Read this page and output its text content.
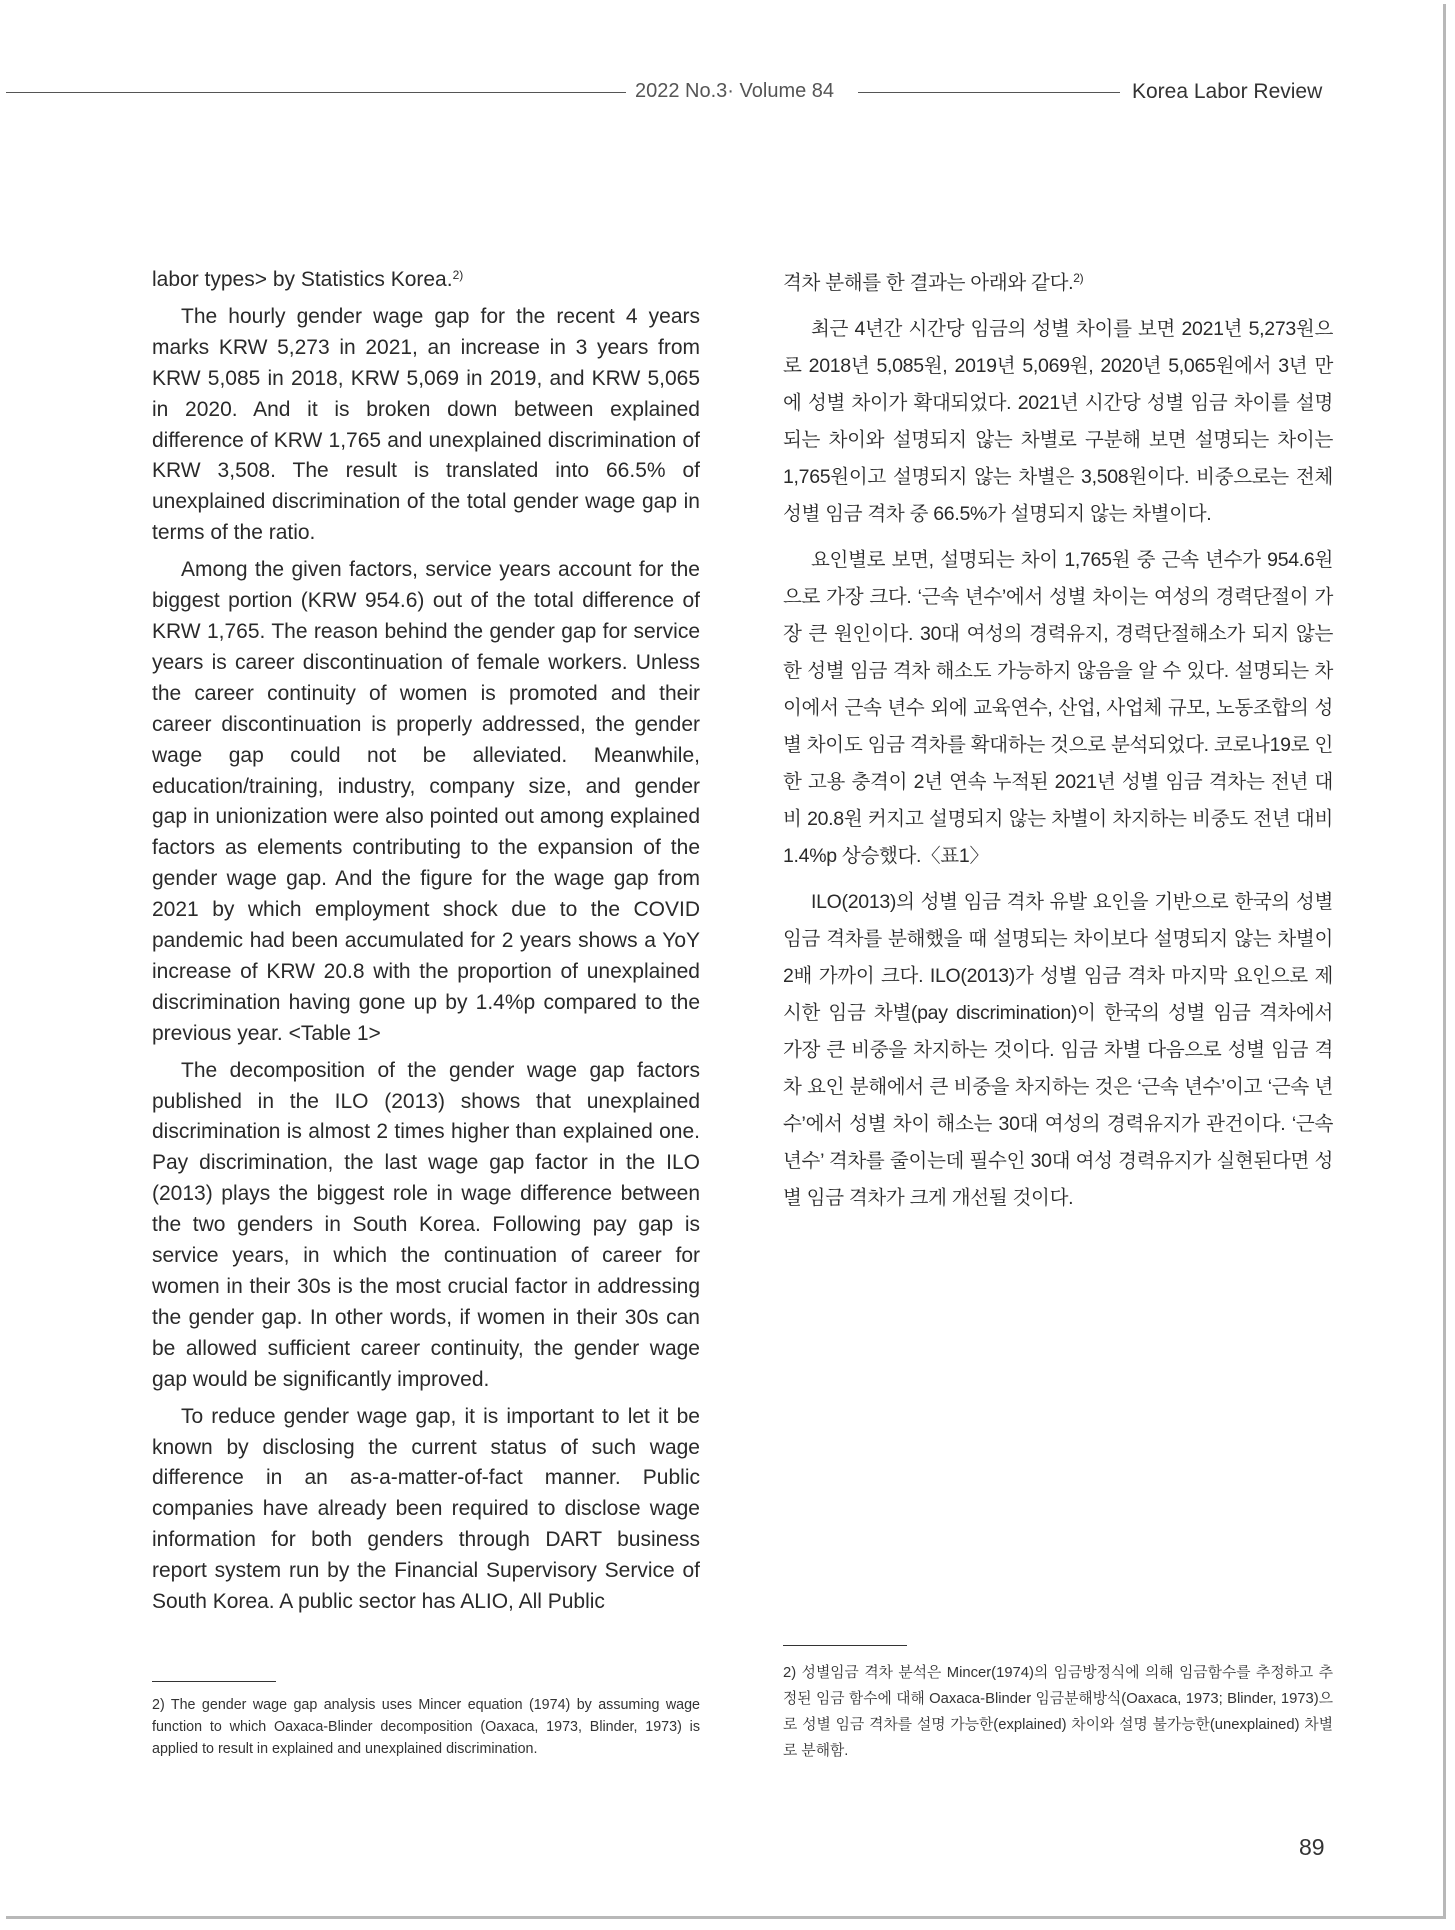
2022 No.3· Volume 84	Korea Labor Review

labor types> by Statistics Korea.$^{2)}$

The hourly gender wage gap for the recent 4 years marks KRW 5,273 in 2021, an increase in 3 years from KRW 5,085 in 2018, KRW 5,069 in 2019, and KRW 5,065 in 2020. And it is broken down between explained difference of KRW 1,765 and unexplained discrimination of KRW 3,508. The result is translated into 66.5% of unexplained discrimination of the total gender wage gap in terms of the ratio.

Among the given factors, service years account for the biggest portion (KRW 954.6) out of the total difference of KRW 1,765. The reason behind the gender gap for service years is career discontinuation of female workers. Unless the career continuity of women is promoted and their career discontinuation is properly addressed, the gender wage gap could not be alleviated. Meanwhile, education/training, industry, company size, and gender gap in unionization were also pointed out among explained factors as elements contributing to the expansion of the gender wage gap. And the figure for the wage gap from 2021 by which employment shock due to the COVID pandemic had been accumulated for 2 years shows a YoY increase of KRW 20.8 with the proportion of unexplained discrimination having gone up by 1.4%p compared to the previous year. <Table 1>

The decomposition of the gender wage gap factors published in the ILO (2013) shows that unexplained discrimination is almost 2 times higher than explained one. Pay discrimination, the last wage gap factor in the ILO (2013) plays the biggest role in wage difference between the two genders in South Korea. Following pay gap is service years, in which the continuation of career for women in their 30s is the most crucial factor in addressing the gender gap. In other words, if women in their 30s can be allowed sufficient career continuity, the gender wage gap would be significantly improved.

To reduce gender wage gap, it is important to let it be known by disclosing the current status of such wage difference in an as-a-matter-of-fact manner. Public companies have already been required to disclose wage information for both genders through DART business report system run by the Financial Supervisory Service of South Korea. A public sector has ALIO, All Public

격차 분해를 한 결과는 아래와 같다.$^{2)}$

최근 4년간 시간당 임금의 성별 차이를 보면 2021년 5,273원으로 2018년 5,085원, 2019년 5,069원, 2020년 5,065원에서 3년 만에 성별 차이가 확대되었다. 2021년 시간당 성별 임금 차이를 설명되는 차이와 설명되지 않는 차별로 구분해 보면 설명되는 차이는 1,765원이고 설명되지 않는 차별은 3,508원이다. 비중으로는 전체 성별 임금 격차 중 66.5%가 설명되지 않는 차별이다.

요인별로 보면, 설명되는 차이 1,765원 중 근속 년수가 954.6원으로 가장 크다. ‘근속 년수’에서 성별 차이는 여성의 경력단절이 가장 큰 원인이다. 30대 여성의 경력유지, 경력단절해소가 되지 않는 한 성별 임금 격차 해소도 가능하지 않음을 알 수 있다. 설명되는 차이에서 근속 년수 외에 교육연수, 산업, 사업체 규모, 노동조합의 성별 차이도 임금 격차를 확대하는 것으로 분석되었다. 코로나19로 인한 고용 충격이 2년 연속 누적된 2021년 성별 임금 격차는 전년 대비 20.8원 커지고 설명되지 않는 차별이 차지하는 비중도 전년 대비 1.4%p 상승했다.〈표1〉

ILO(2013)의 성별 임금 격차 유발 요인을 기반으로 한국의 성별 임금 격차를 분해했을 때 설명되는 차이보다 설명되지 않는 차별이 2배 가까이 크다. ILO(2013)가 성별 임금 격차 마지막 요인으로 제시한 임금 차별(pay discrimination)이 한국의 성별 임금 격차에서 가장 큰 비중을 차지하는 것이다. 임금 차별 다음으로 성별 임금 격차 요인 분해에서 큰 비중을 차지하는 것은 ‘근속 년수’이고 ‘근속 년수’에서 성별 차이 해소는 30대 여성의 경력유지가 관건이다. ‘근속 년수’ 격차를 줄이는데 필수인 30대 여성 경력유지가 실현된다면 성별 임금 격차가 크게 개선될 것이다.

2) The gender wage gap analysis uses Mincer equation (1974) by assuming wage function to which Oaxaca-Blinder decomposition (Oaxaca, 1973, Blinder, 1973) is applied to result in explained and unexplained discrimination.
2) 성별임금 격차 분석은 Mincer(1974)의 임금방정식에 의해 임금함수를 추정하고 추정된 임금 함수에 대해 Oaxaca-Blinder 임금분해방식(Oaxaca, 1973; Blinder, 1973)으로 성별 임금 격차를 설명 가능한(explained) 차이와 설명 불가능한(unexplained) 차별로 분해함.
89
